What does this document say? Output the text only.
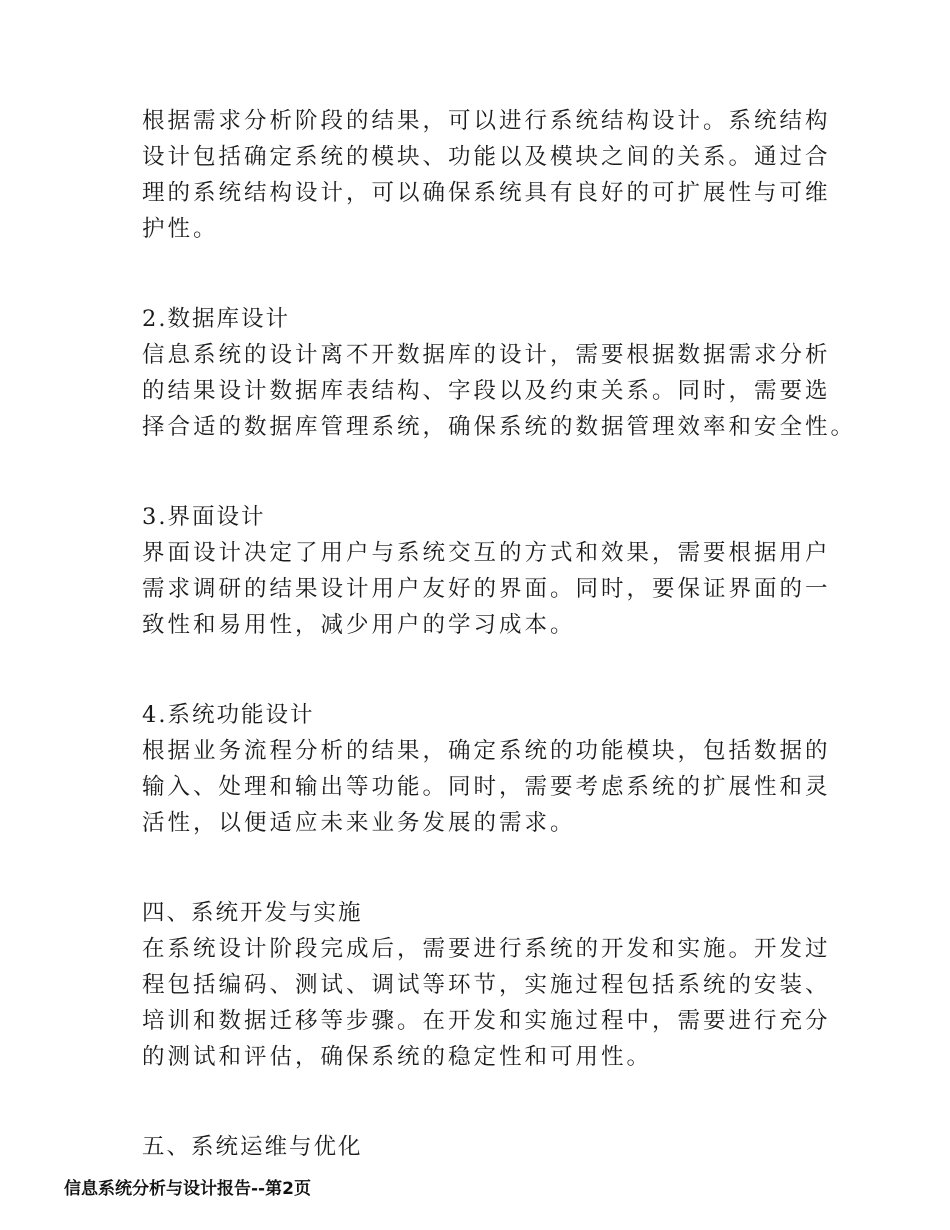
根据需求分析阶段的结果，可以进行系统结构设计。系统结构
设计包括确定系统的模块、功能以及模块之间的关系。通过合
理的系统结构设计，可以确保系统具有良好的可扩展性与可维
护性。

2.数据库设计

信息系统的设计离不开数据库的设计，需要根据数据需求分析
的结果设计数据库表结构、字段以及约束关系。同时，需要选
择合适的数据库管理系统，确保系统的数据管理效率和安全性。

3.界面设计

界面设计决定了用户与系统交互的方式和效果，需要根据用户
需求调研的结果设计用户友好的界面。同时，要保证界面的一
致性和易用性，减少用户的学习成本。

4.系统功能设计

根据业务流程分析的结果，确定系统的功能模块，包括数据的
输入、处理和输出等功能。同时，需要考虑系统的扩展性和灵
活性，以便适应未来业务发展的需求。

四、系统开发与实施

在系统设计阶段完成后，需要进行系统的开发和实施。开发过
程包括编码、测试、调试等环节，实施过程包括系统的安装、
培训和数据迁移等步骤。在开发和实施过程中，需要进行充分
的测试和评估，确保系统的稳定性和可用性。

五、系统运维与优化

信息系统分析与设计报告--第2页
